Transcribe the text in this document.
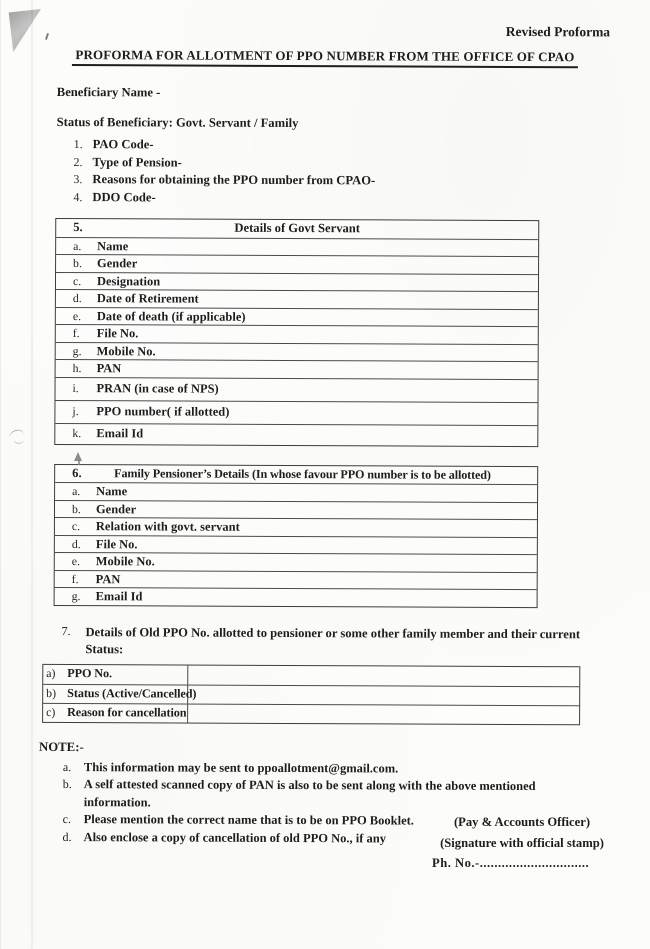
Revised Proforma
PROFORMA FOR ALLOTMENT OF PPO NUMBER FROM THE OFFICE OF CPAO
Beneficiary Name -
Status of Beneficiary: Govt. Servant / Family
1. PAO Code-
2. Type of Pension-
3. Reasons for obtaining the PPO number from CPAO-
4. DDO Code-
5.	Details of Govt Servant
a.	Name
b.	Gender
c.	Designation
d.	Date of Retirement
e.	Date of death (if applicable)
f.	File No.
g.	Mobile No.
h.	PAN
i.	PRAN (in case of NPS)
j.	PPO number( if allotted)
k.	Email Id
6.	Family Pensioner’s Details (In whose favour PPO number is to be allotted)
a.	Name
b.	Gender
c.	Relation with govt. servant
d.	File No.
e.	Mobile No.
f.	PAN
g.	Email Id
7.	Details of Old PPO No. allotted to pensioner or some other family member and their current
Status:
a) PPO No.
b) Status (Active/Cancelled)
c) Reason for cancellation
NOTE:-
a.	This information may be sent to ppoallotment@gmail.com.
b. A self attested scanned copy of PAN is also to be sent along with the above mentioned information.
c.	Please mention the correct name that is to be on PPO Booklet.
d. Also enclose a copy of cancellation of old PPO No., if any
(Pay & Accounts Officer)
(Signature with official stamp)
Ph. No.-..............................
